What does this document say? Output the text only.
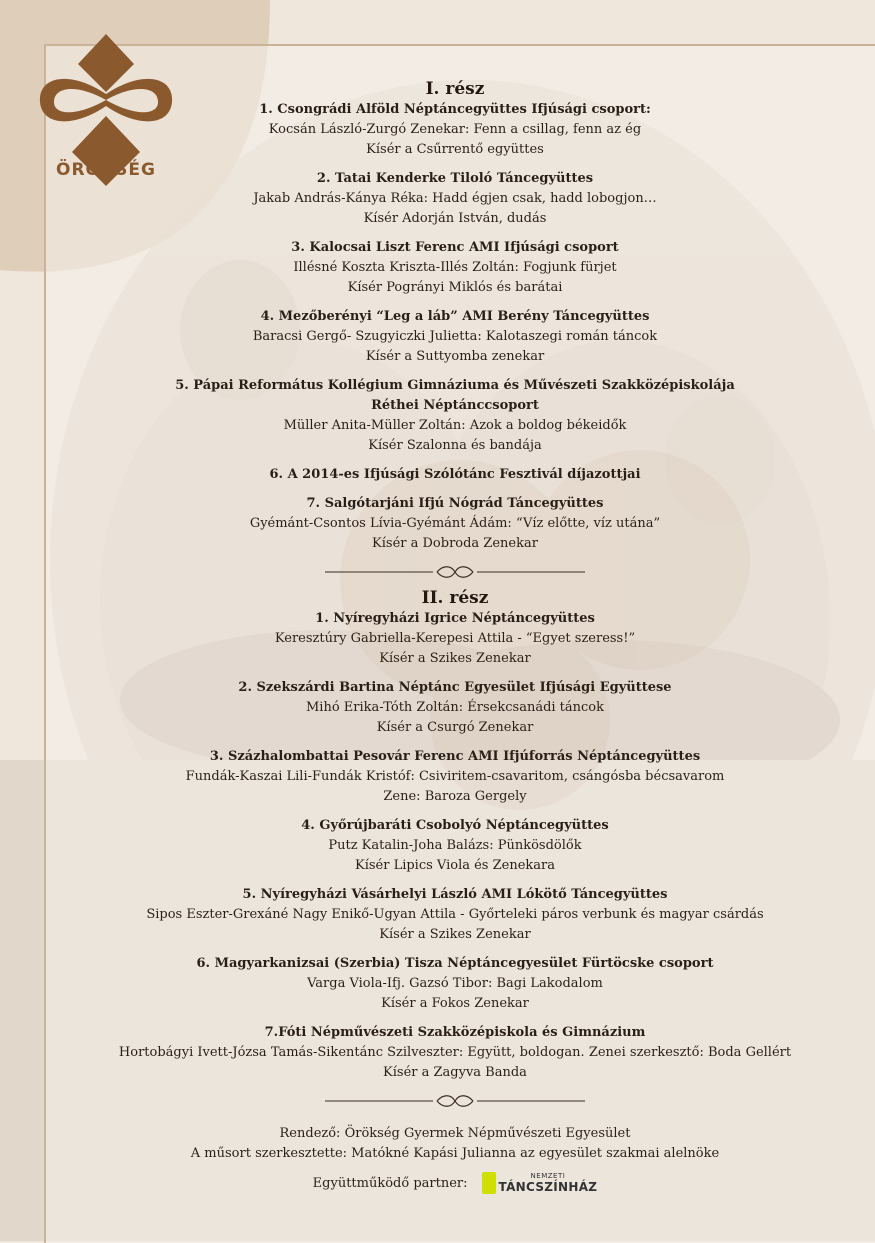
ÖRÖKSÉG
I. rész
1. Csongrádi Alföld Néptáncegyüttes Ifjúsági csoport:
Kocsán László-Zurgó Zenekar: Fenn a csillag, fenn az ég
Kísér a Csűrrentő együttes
2. Tatai Kenderke Tiloló Táncegyüttes
Jakab András-Kánya Réka: Hadd égjen csak, hadd lobogjon…
Kísér Adorján István, dudás
3. Kalocsai Liszt Ferenc AMI Ifjúsági csoport
Illésné Koszta Kriszta-Illés Zoltán: Fogjunk fürjet
Kísér Pogrányi Miklós és barátai
4. Mezőberényi “Leg a láb” AMI Berény Táncegyüttes
Baracsi Gergő- Szugyiczki Julietta: Kalotaszegi román táncok
Kísér a Suttyomba zenekar
5. Pápai Református Kollégium Gimnáziuma és Művészeti Szakközépiskolája
Réthei Néptánccsoport
Müller Anita-Müller Zoltán: Azok a boldog békeidők
Kísér Szalonna és bandája
6. A 2014-es Ifjúsági Szólótánc Fesztivál díjazottjai
7. Salgótarjáni Ifjú Nógrád Táncegyüttes
Gyémánt-Csontos Lívia-Gyémánt Ádám: “Víz előtte, víz utána”
Kísér a Dobroda Zenekar
II. rész
1. Nyíregyházi Igrice Néptáncegyüttes
Keresztúry Gabriella-Kerepesi Attila - “Egyet szeress!”
Kísér a Szikes Zenekar
2. Szekszárdi Bartina Néptánc Egyesület Ifjúsági Együttese
Mihó Erika-Tóth Zoltán: Érsekcsanádi táncok
Kísér a Csurgó Zenekar
3. Százhalombattai Pesovár Ferenc AMI Ifjúforrás Néptáncegyüttes
Fundák-Kaszai Lili-Fundák Kristóf: Csiviritem-csavaritom, csángósba bécsavarom
Zene: Baroza Gergely
4. Győrújbaráti Csobolyó Néptáncegyüttes
Putz Katalin-Joha Balázs: Pünkösdölők
Kísér Lipics Viola és Zenekara
5. Nyíregyházi Vásárhelyi László AMI Lókötő Táncegyüttes
Sipos Eszter-Grexáné Nagy Enikő-Ugyan Attila - Győrteleki páros verbunk és magyar csárdás
Kísér a Szikes Zenekar
6. Magyarkanizsai (Szerbia) Tisza Néptáncegyesület Fürtöcske csoport
Varga Viola-Ifj. Gazsó Tibor: Bagi Lakodalom
Kísér a Fokos Zenekar
7.Fóti Népművészeti Szakközépiskola és Gimnázium
Hortobágyi Ivett-Józsa Tamás-Sikentánc Szilveszter: Együtt, boldogan. Zenei szerkesztő: Boda Gellért
Kísér a Zagyva Banda
Rendező: Örökség Gyermek Népművészeti Egyesület
A műsort szerkesztette: Matókné Kapási Julianna az egyesület szakmai alelnöke
Együttműködő partner:	NEMZETI
TÁNCSZÍNHÁZ
